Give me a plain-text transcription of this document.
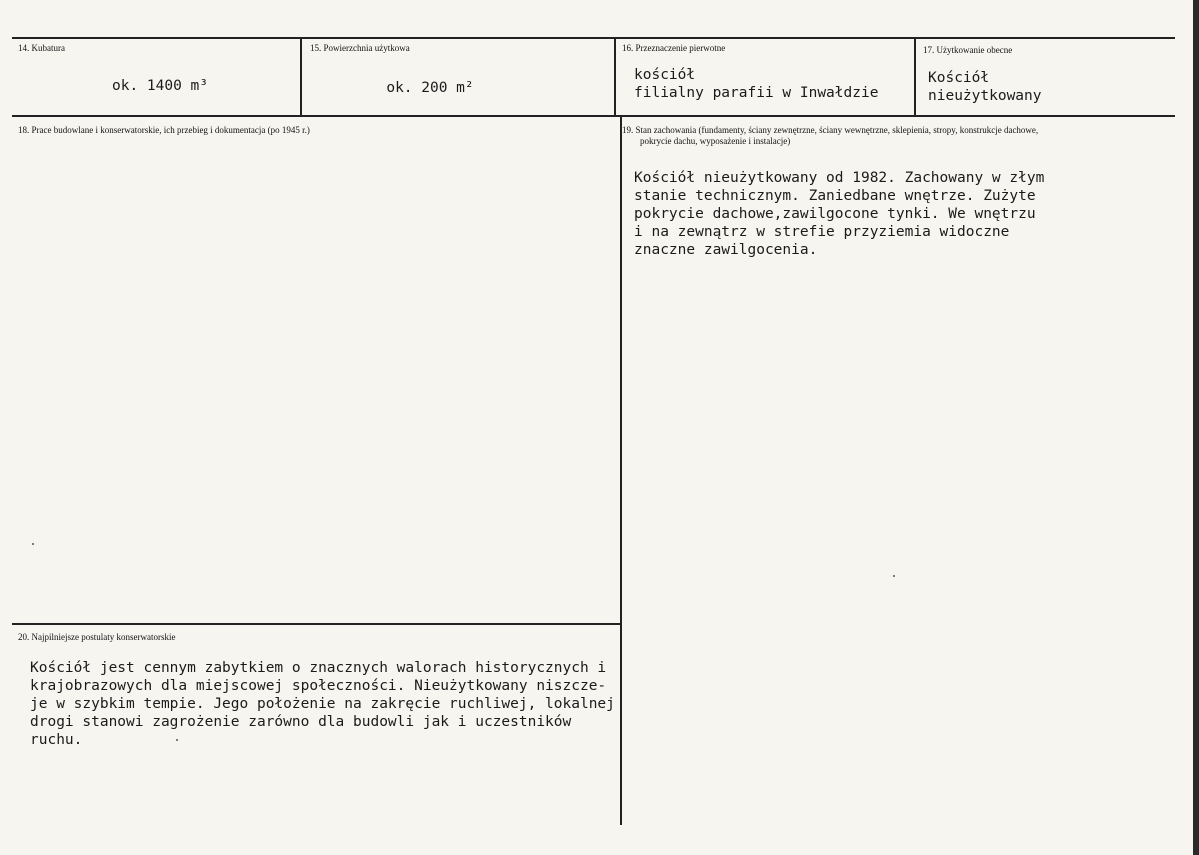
14. Kubatura
ok. 1400 m³
15. Powierzchnia użytkowa
ok. 200 m²
16. Przeznaczenie pierwotne
kościół
filialny parafii w Inwałdzie
17. Użytkowanie obecne
Kościół
nieużytkowany
18. Prace budowlane i konserwatorskie, ich przebieg i dokumentacja (po 1945 r.)	19. Stan zachowania (fundamenty, ściany zewnętrzne, ściany wewnętrzne, sklepienia, stropy, konstrukcje dachowe,
pokrycie dachu, wyposażenie i instalacje)
Kościół nieużytkowany od 1982. Zachowany w złym
stanie technicznym. Zaniedbane wnętrze. Zużyte
pokrycie dachowe,zawilgocone tynki. We wnętrzu
i na zewnątrz w strefie przyziemia widoczne
znaczne zawilgocenia.
20. Najpilniejsze postulaty konserwatorskie
Kościół jest cennym zabytkiem o znacznych walorach historycznych i
krajobrazowych dla miejscowej społeczności. Nieużytkowany niszcze-
je w szybkim tempie. Jego położenie na zakręcie ruchliwej, lokalnej
drogi stanowi zagrożenie zarówno dla budowli jak i uczestników
ruchu.
